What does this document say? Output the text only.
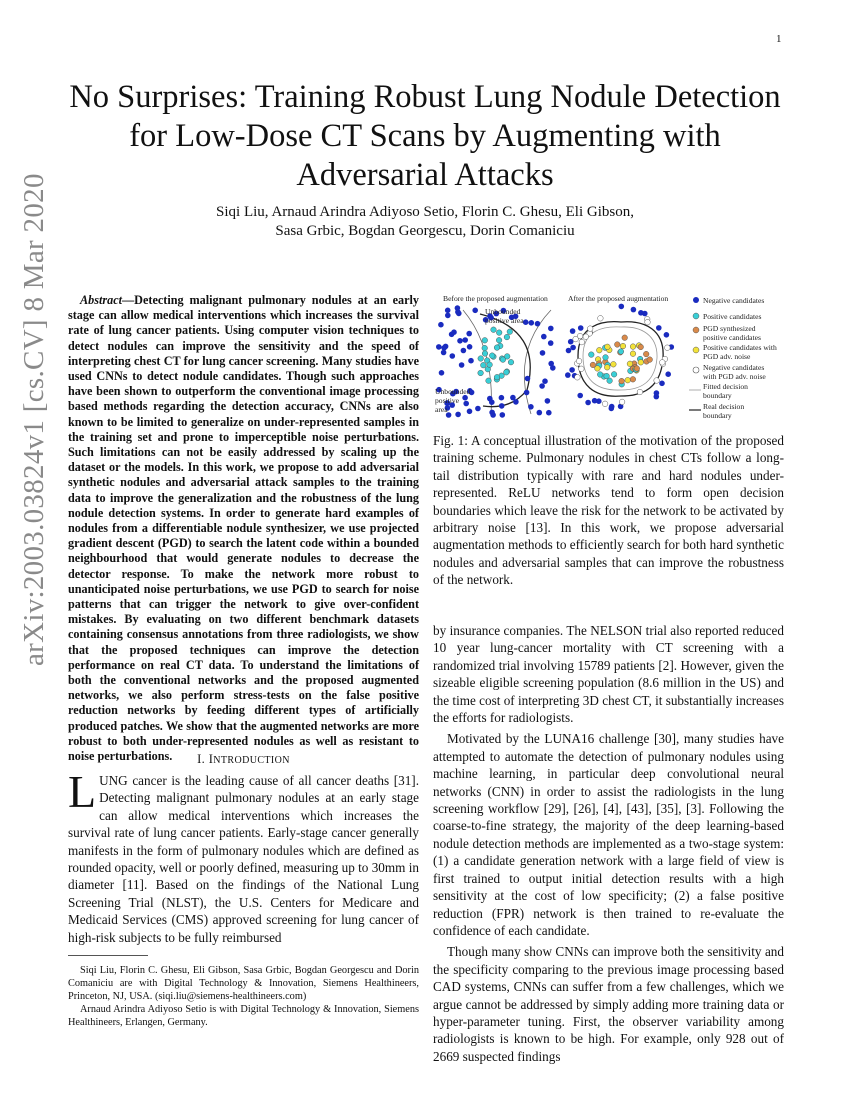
1
arXiv:2003.03824v1 [cs.CV] 8 Mar 2020
No Surprises: Training Robust Lung Nodule Detection for Low-Dose CT Scans by Augmenting with Adversarial Attacks
Siqi Liu, Arnaud Arindra Adiyoso Setio, Florin C. Ghesu, Eli Gibson,
Sasa Grbic, Bogdan Georgescu, Dorin Comaniciu
Abstract—Detecting malignant pulmonary nodules at an early stage can allow medical interventions which increases the survival rate of lung cancer patients. Using computer vision techniques to detect nodules can improve the sensitivity and the speed of interpreting chest CT for lung cancer screening. Many studies have used CNNs to detect nodule candidates. Though such approaches have been shown to outperform the conventional image processing based methods regarding the detection accuracy, CNNs are also known to be limited to generalize on under-represented samples in the training set and prone to imperceptible noise perturbations. Such limitations can not be easily addressed by scaling up the dataset or the models. In this work, we propose to add adversarial synthetic nodules and adversarial attack samples to the training data to improve the generalization and the robustness of the lung nodule detection systems. In order to generate hard examples of nodules from a differentiable nodule synthesizer, we use projected gradient descent (PGD) to search the latent code within a bounded neighbourhood that would generate nodules to decrease the detector response. To make the network more robust to unanticipated noise perturbations, we use PGD to search for noise patterns that can trigger the network to give over-confident mistakes. By evaluating on two different benchmark datasets containing consensus annotations from three radiologists, we show that the proposed techniques can improve the detection performance on real CT data. To understand the limitations of both the conventional networks and the proposed augmented networks, we also perform stress-tests on the false positive reduction networks by feeding different types of artificially produced patches. We show that the augmented networks are more robust to both under-represented nodules as well as resistant to noise perturbations.	I. INTRODUCTION

LUNG cancer is the leading cause of all cancer deaths [31]. Detecting malignant pulmonary nodules at an early stage can allow medical interventions which increases the survival rate of lung cancer patients. Early-stage cancer generally manifests in the form of pulmonary nodules which are defined as rounded opacity, well or poorly defined, measuring up to 30mm in diameter [11]. Based on the findings of the National Lung Screening Trial (NLST), the U.S. Centers for Medicare and Medicaid Services (CMS) approved screening for lung cancer of high-risk subjects to be fully reimbursed

Siqi Liu, Florin C. Ghesu, Eli Gibson, Sasa Grbic, Bogdan Georgescu and Dorin Comaniciu are with Digital Technology & Innovation, Siemens Healthineers, Princeton, NJ, USA. (siqi.liu@siemens-healthineers.com)

Arnaud Arindra Adiyoso Setio is with Digital Technology & Innovation, Siemens Healthineers, Erlangen, Germany.

Before the proposed augmentation	After the proposed augmentation
Unbounded
positive area
Unbounded
positive
area
Negative candidates
Positive candidates
PGD synthesized
positive candidates
Positive candidates with
PGD adv. noise
Negative candidates
with PGD adv. noise
Fitted decision
boundary
Real decision
boundary
Fig. 1: A conceptual illustration of the motivation of the proposed training scheme. Pulmonary nodules in chest CTs follow a long-tail distribution typically with rare and hard nodules under-represented. ReLU networks tend to form open decision boundaries which leave the risk for the network to be activated by arbitrary noise [13]. In this work, we propose adversarial augmentation methods to efficiently search for both hard synthetic nodules and adversarial samples that can improve the robustness of the network.

by insurance companies. The NELSON trial also reported reduced 10 year lung-cancer mortality with CT screening with a randomized trial involving 15789 patients [2]. However, given the sizeable eligible screening population (8.6 million in the US) and the time cost of interpreting 3D chest CT, it substantially increases the efforts for radiologists.

Motivated by the LUNA16 challenge [30], many studies have attempted to automate the detection of pulmonary nodules using machine learning, in particular deep convolutional neural networks (CNN) in order to assist the radiologists in the lung screening workflow [29], [26], [4], [43], [35], [3]. Following the coarse-to-fine strategy, the majority of the deep learning-based nodule detection methods are implemented as a two-stage system: (1) a candidate generation network with a large field of view is first trained to output initial detection results with a high sensitivity at the cost of low specificity; (2) a false positive reduction (FPR) network is then trained to re-evaluate the confidence of each candidate.

Though many show CNNs can improve both the sensitivity and the specificity comparing to the previous image processing based CAD systems, CNNs can suffer from a few challenges, which we argue cannot be addressed by simply adding more training data or hyper-parameter tuning. First, the observer variability among radiologists is known to be high. For example, only 928 out of 2669 suspected findings
